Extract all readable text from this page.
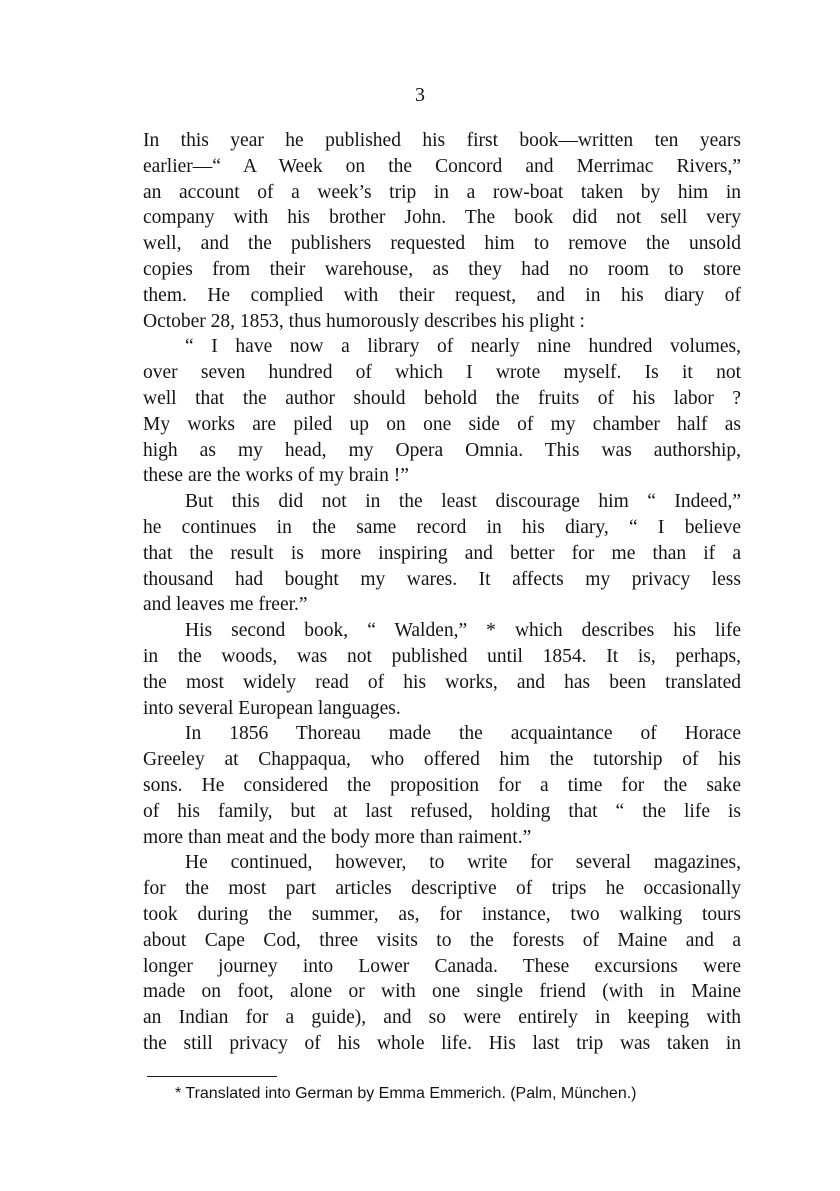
3
In this year he published his first book—written ten years
earlier—“ A Week on the Concord and Merrimac Rivers,”
an account of a week’s trip in a row-boat taken by him in
company with his brother John. The book did not sell very
well, and the publishers requested him to remove the unsold
copies from their warehouse, as they had no room to store
them. He complied with their request, and in his diary of
October 28, 1853, thus humorously describes his plight :
“ I have now a library of nearly nine hundred volumes,
over seven hundred of which I wrote myself. Is it not
well that the author should behold the fruits of his labor ?
My works are piled up on one side of my chamber half as
high as my head, my Opera Omnia. This was authorship,
these are the works of my brain !”
But this did not in the least discourage him “ Indeed,”
he continues in the same record in his diary, “ I believe
that the result is more inspiring and better for me than if a
thousand had bought my wares. It affects my privacy less
and leaves me freer.”
His second book, “ Walden,” * which describes his life
in the woods, was not published until 1854. It is, perhaps,
the most widely read of his works, and has been translated
into several European languages.
In 1856 Thoreau made the acquaintance of Horace
Greeley at Chappaqua, who offered him the tutorship of his
sons. He considered the proposition for a time for the sake
of his family, but at last refused, holding that “ the life is
more than meat and the body more than raiment.”
He continued, however, to write for several magazines,
for the most part articles descriptive of trips he occasionally
took during the summer, as, for instance, two walking tours
about Cape Cod, three visits to the forests of Maine and a
longer journey into Lower Canada. These excursions were
made on foot, alone or with one single friend (with in Maine
an Indian for a guide), and so were entirely in keeping with
the still privacy of his whole life. His last trip was taken in
* Translated into German by Emma Emmerich. (Palm, München.)
